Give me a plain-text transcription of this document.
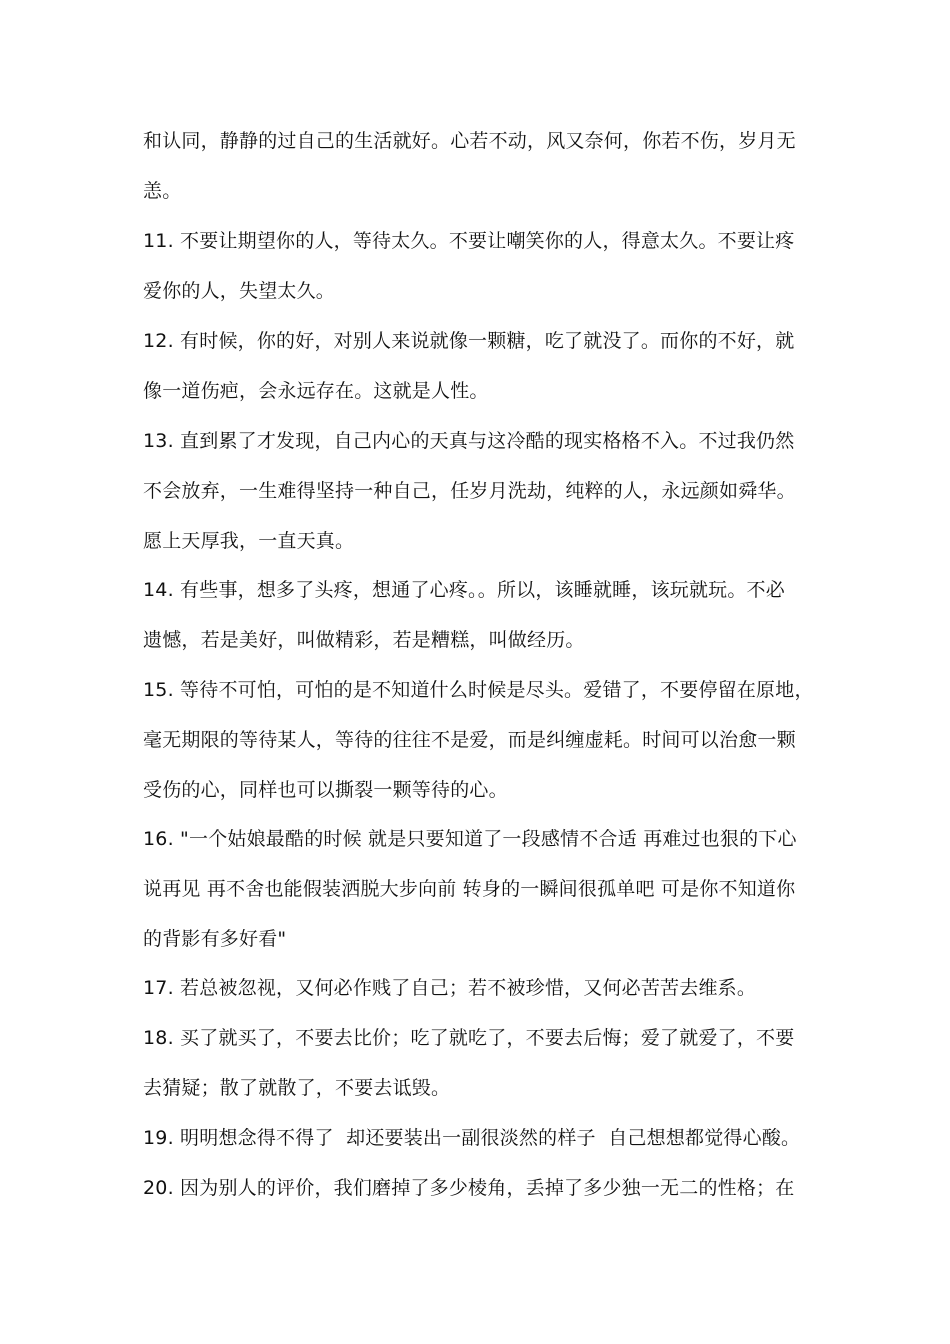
和认同，静静的过自己的生活就好。心若不动，风又奈何，你若不伤，岁月无
恙。
11. 不要让期望你的人，等待太久。不要让嘲笑你的人，得意太久。不要让疼
爱你的人，失望太久。
12. 有时候，你的好，对别人来说就像一颗糖，吃了就没了。而你的不好，就
像一道伤疤，会永远存在。这就是人性。
13. 直到累了才发现，自己内心的天真与这冷酷的现实格格不入。不过我仍然
不会放弃，一生难得坚持一种自己，任岁月洗劫，纯粹的人，永远颜如舜华。
愿上天厚我，一直天真。
14. 有些事，想多了头疼，想通了心疼。。所以，该睡就睡，该玩就玩。不必
遗憾，若是美好，叫做精彩，若是糟糕，叫做经历。
15. 等待不可怕，可怕的是不知道什么时候是尽头。爱错了，不要停留在原地，
毫无期限的等待某人，等待的往往不是爱，而是纠缠虚耗。时间可以治愈一颗
受伤的心，同样也可以撕裂一颗等待的心。
16. "一个姑娘最酷的时候 就是只要知道了一段感情不合适 再难过也狠的下心
说再见 再不舍也能假装洒脱大步向前 转身的一瞬间很孤单吧 可是你不知道你
的背影有多好看"
17. 若总被忽视，又何必作贱了自己；若不被珍惜，又何必苦苦去维系。
18. 买了就买了，不要去比价；吃了就吃了，不要去后悔；爱了就爱了，不要
去猜疑；散了就散了，不要去诋毁。
19. 明明想念得不得了  却还要装出一副很淡然的样子  自己想想都觉得心酸。
20. 因为别人的评价，我们磨掉了多少棱角，丢掉了多少独一无二的性格；在
